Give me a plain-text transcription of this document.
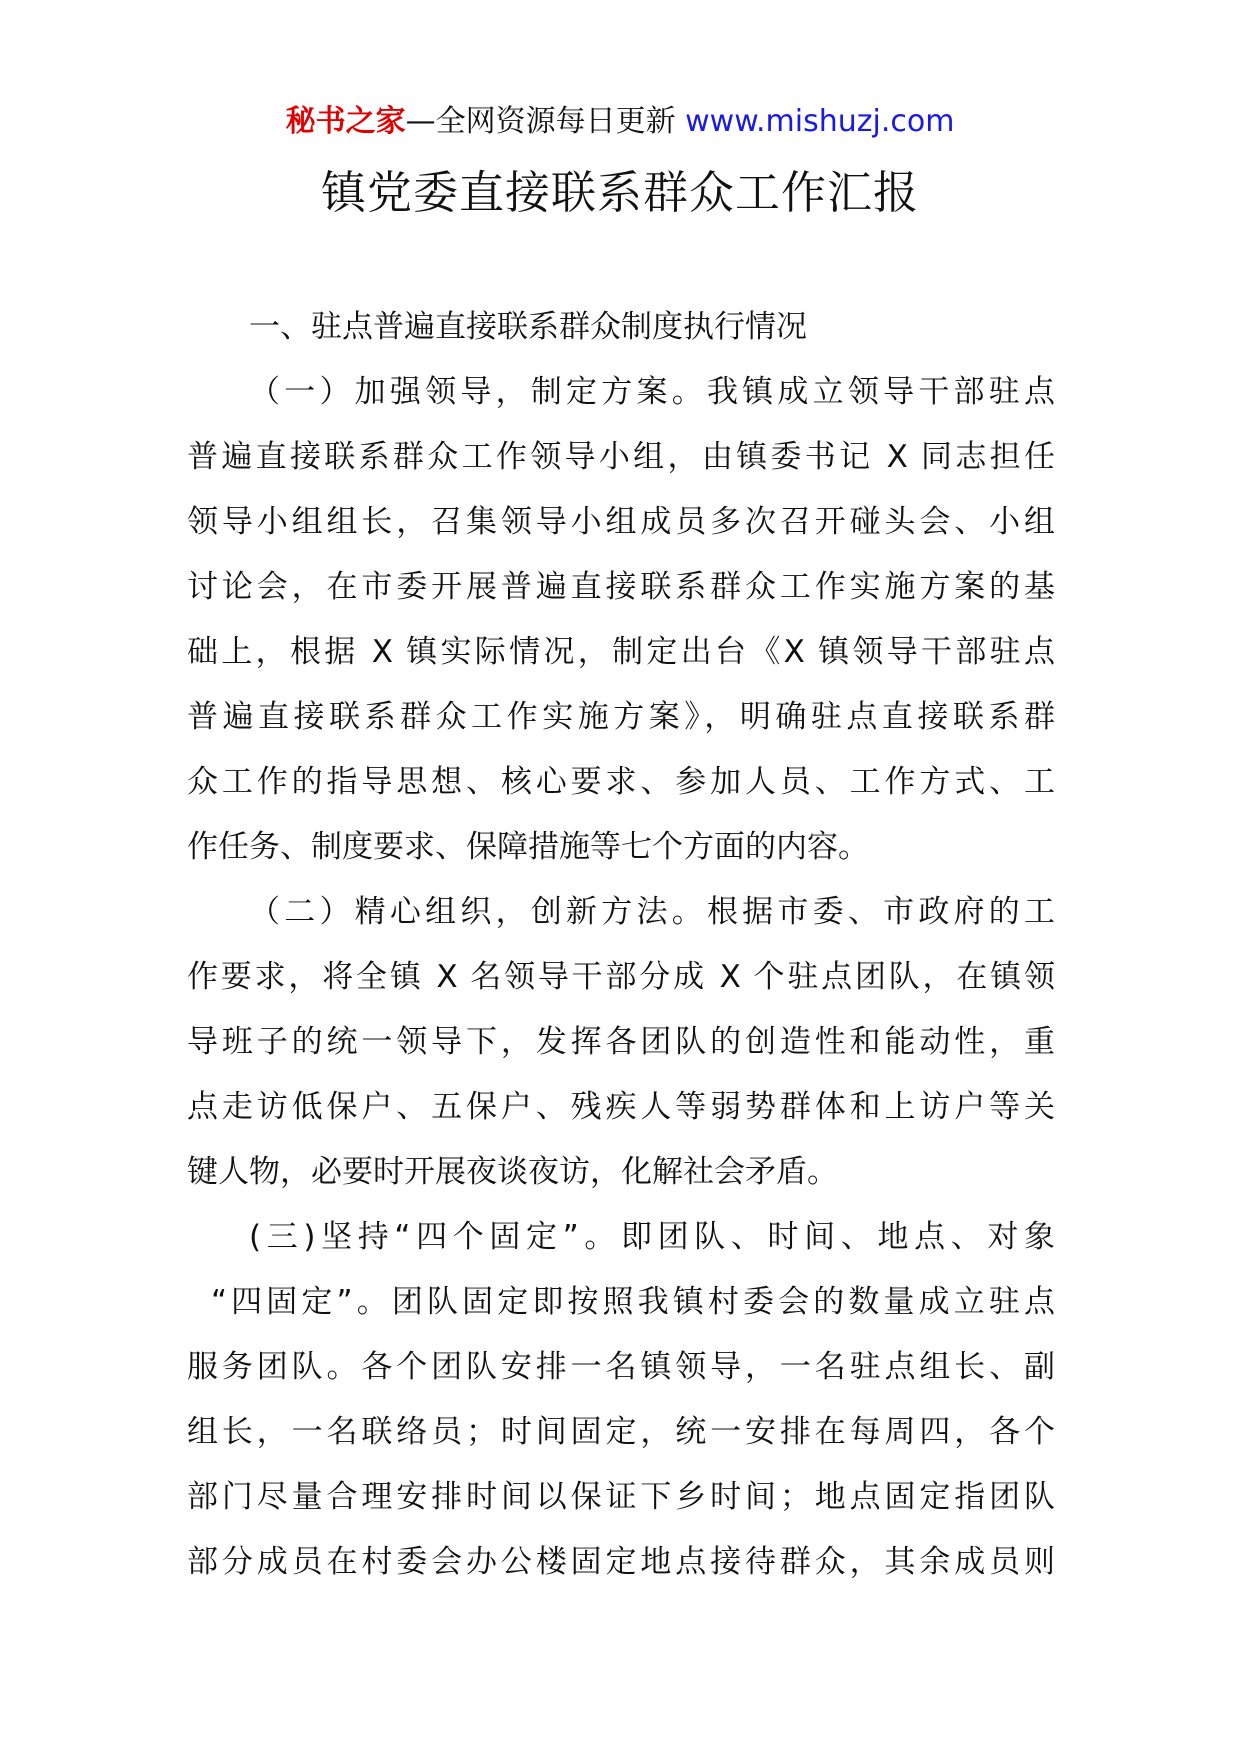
秘书之家—全网资源每日更新 www.mishuzj.com
镇党委直接联系群众工作汇报
一、驻点普遍直接联系群众制度执行情况
（一）加强领导，制定方案。我镇成立领导干部驻点
普遍直接联系群众工作领导小组，由镇委书记 X 同志担任
领导小组组长，召集领导小组成员多次召开碰头会、小组
讨论会，在市委开展普遍直接联系群众工作实施方案的基
础上，根据 X 镇实际情况，制定出台《X 镇领导干部驻点
普遍直接联系群众工作实施方案》，明确驻点直接联系群
众工作的指导思想、核心要求、参加人员、工作方式、工
作任务、制度要求、保障措施等七个方面的内容。
（二）精心组织，创新方法。根据市委、市政府的工
作要求，将全镇 X 名领导干部分成 X 个驻点团队，在镇领
导班子的统一领导下，发挥各团队的创造性和能动性，重
点走访低保户、五保户、残疾人等弱势群体和上访户等关
键人物，必要时开展夜谈夜访，化解社会矛盾。
(三)坚持“四个固定”。即团队、时间、地点、对象
“四固定”。团队固定即按照我镇村委会的数量成立驻点
服务团队。各个团队安排一名镇领导，一名驻点组长、副
组长，一名联络员；时间固定，统一安排在每周四，各个
部门尽量合理安排时间以保证下乡时间；地点固定指团队
部分成员在村委会办公楼固定地点接待群众，其余成员则
